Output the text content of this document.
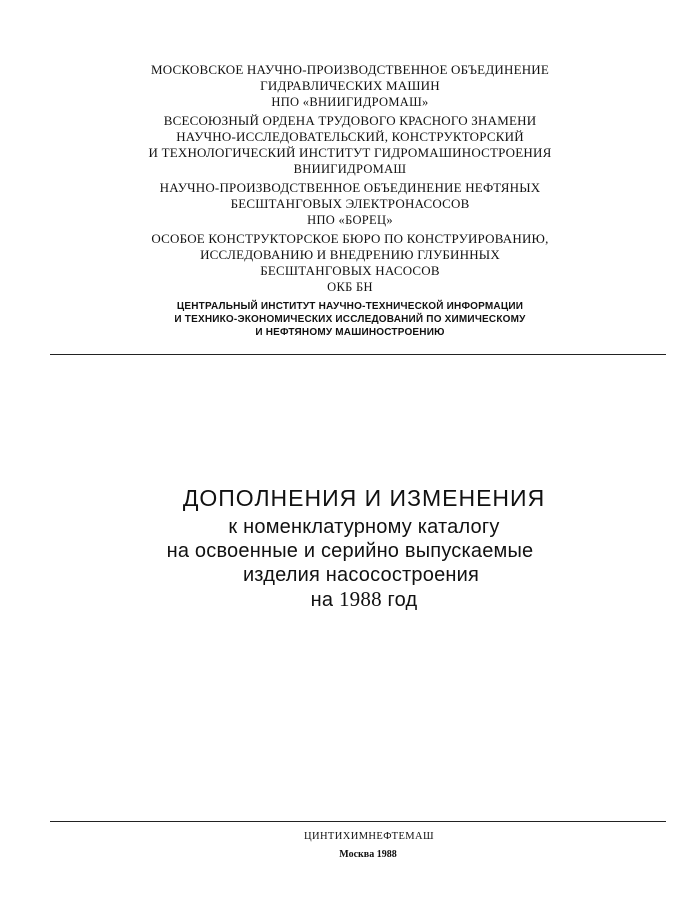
МОСКОВСКОЕ НАУЧНО-ПРОИЗВОДСТВЕННОЕ ОБЪЕДИНЕНИЕ
ГИДРАВЛИЧЕСКИХ МАШИН
НПО «ВНИИГИДРОМАШ»
ВСЕСОЮЗНЫЙ ОРДЕНА ТРУДОВОГО КРАСНОГО ЗНАМЕНИ
НАУЧНО-ИССЛЕДОВАТЕЛЬСКИЙ, КОНСТРУКТОРСКИЙ
И ТЕХНОЛОГИЧЕСКИЙ ИНСТИТУТ ГИДРОМАШИНОСТРОЕНИЯ
ВНИИГИДРОМАШ
НАУЧНО-ПРОИЗВОДСТВЕННОЕ ОБЪЕДИНЕНИЕ НЕФТЯНЫХ
БЕСШТАНГОВЫХ ЭЛЕКТРОНАСОСОВ
НПО «БОРЕЦ»
ОСОБОЕ КОНСТРУКТОРСКОЕ БЮРО ПО КОНСТРУИРОВАНИЮ,
ИССЛЕДОВАНИЮ И ВНЕДРЕНИЮ ГЛУБИННЫХ
БЕСШТАНГОВЫХ НАСОСОВ
ОКБ БН
ЦЕНТРАЛЬНЫЙ ИНСТИТУТ НАУЧНО-ТЕХНИЧЕСКОЙ ИНФОРМАЦИИ
И ТЕХНИКО-ЭКОНОМИЧЕСКИХ ИССЛЕДОВАНИЙ ПО ХИМИЧЕСКОМУ
И НЕФТЯНОМУ МАШИНОСТРОЕНИЮ
ДОПОЛНЕНИЯ И ИЗМЕНЕНИЯ
к номенклатурному каталогу
на освоенные и серийно выпускаемые
изделия насосостроения
на 1988 год
ЦИНТИХИМНЕФТЕМАШ
Москва 1988
